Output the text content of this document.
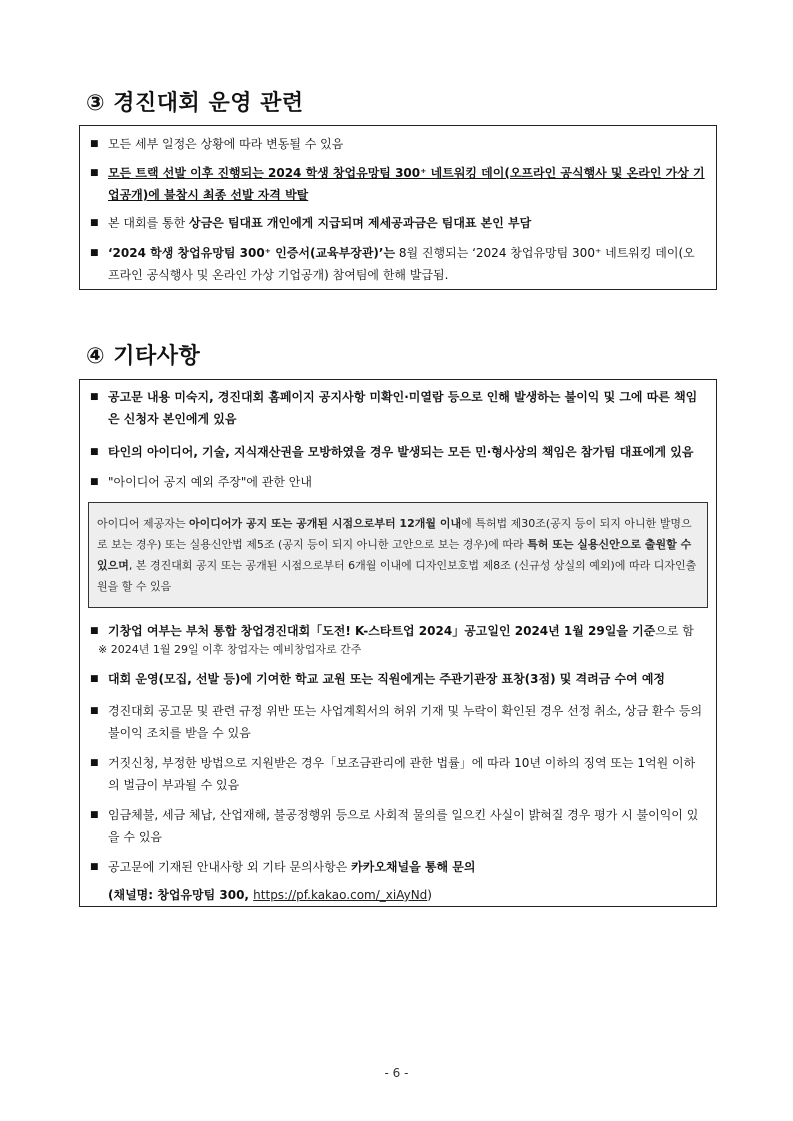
③ 경진대회 운영 관련
■ 모든 세부 일정은 상황에 따라 변동될 수 있음
■ 모든 트랙 선발 이후 진행되는 2024 학생 창업유망팀 300⁺ 네트워킹 데이(오프라인 공식행사 및 온라인 가상 기업공개)에 불참시 최종 선발 자격 박탈
■ 본 대회를 통한 상금은 팀대표 개인에게 지급되며 제세공과금은 팀대표 본인 부담
■ ‘2024 학생 창업유망팀 300⁺ 인증서(교육부장관)’는 8월 진행되는 ‘2024 창업유망팀 300⁺ 네트워킹 데이(오프라인 공식행사 및 온라인 가상 기업공개) 참여팀에 한해 발급됨.
④ 기타사항
■ 공고문 내용 미숙지, 경진대회 홈페이지 공지사항 미확인·미열람 등으로 인해 발생하는 불이익 및 그에 따른 책임은 신청자 본인에게 있음
■ 타인의 아이디어, 기술, 지식재산권을 모방하였을 경우 발생되는 모든 민·형사상의 책임은 참가팀 대표에게 있음
■ "아이디어 공지 예외 주장"에 관한 안내
아이디어 제공자는 아이디어가 공지 또는 공개된 시점으로부터 12개월 이내에 특허법 제30조(공지 등이 되지 아니한 발명으로 보는 경우) 또는 실용신안법 제5조 (공지 등이 되지 아니한 고안으로 보는 경우)에 따라 특허 또는 실용신안으로 출원할 수 있으며, 본 경진대회 공지 또는 공개된 시점으로부터 6개월 이내에 디자인보호법 제8조 (신규성 상실의 예외)에 따라 디자인출원을 할 수 있음
■ 기창업 여부는 부처 통합 창업경진대회「도전! K-스타트업 2024」공고일인 2024년 1월 29일을 기준으로 함
※ 2024년 1월 29일 이후 창업자는 예비창업자로 간주
■ 대회 운영(모집, 선발 등)에 기여한 학교 교원 또는 직원에게는 주관기관장 표창(3점) 및 격려금 수여 예정
■ 경진대회 공고문 및 관련 규정 위반 또는 사업계획서의 허위 기재 및 누락이 확인된 경우 선정 취소, 상금 환수 등의 불이익 조치를 받을 수 있음
■ 거짓신청, 부정한 방법으로 지원받은 경우「보조금관리에 관한 법률」에 따라 10년 이하의 징역 또는 1억원 이하의 벌금이 부과될 수 있음
■ 임금체불, 세금 체납, 산업재해, 불공정행위 등으로 사회적 물의를 일으킨 사실이 밝혀질 경우 평가 시 불이익이 있을 수 있음
■ 공고문에 기재된 안내사항 외 기타 문의사항은 카카오채널을 통해 문의
(채널명: 창업유망팀 300, https://pf.kakao.com/_xiAyNd)
- 6 -
